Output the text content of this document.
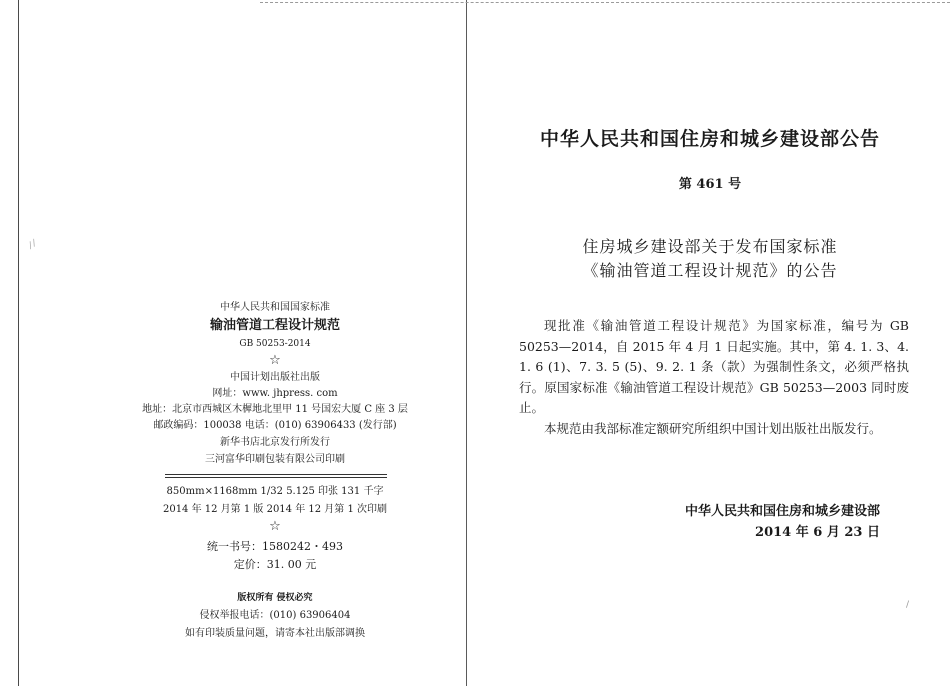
⁄ ⁄
/
中华人民共和国国家标准
输油管道工程设计规范
GB 50253-2014
☆
中国计划出版社出版
网址：www. jhpress. com
地址：北京市西城区木樨地北里甲 11 号国宏大厦 C 座 3 层
邮政编码：100038 电话：(010) 63906433 (发行部)
新华书店北京发行所发行
三河富华印刷包装有限公司印刷
850mm×1168mm 1/32 5.125 印张 131 千字
2014 年 12 月第 1 版 2014 年 12 月第 1 次印刷
☆
统一书号：1580242・493
定价：31. 00 元
版权所有 侵权必究
侵权举报电话：(010) 63906404
如有印装质量问题，请寄本社出版部调换
中华人民共和国住房和城乡建设部公告
第 461 号
住房城乡建设部关于发布国家标准
《输油管道工程设计规范》的公告

现批准《输油管道工程设计规范》为国家标准，编号为 GB 50253—2014，自 2015 年 4 月 1 日起实施。其中，第 4. 1. 3、4. 1. 6 (1)、7. 3. 5 (5)、9. 2. 1 条（款）为强制性条文，必须严格执行。原国家标准《输油管道工程设计规范》GB 50253—2003 同时废止。

本规范由我部标准定额研究所组织中国计划出版社出版发行。

中华人民共和国住房和城乡建设部
2014 年 6 月 23 日
